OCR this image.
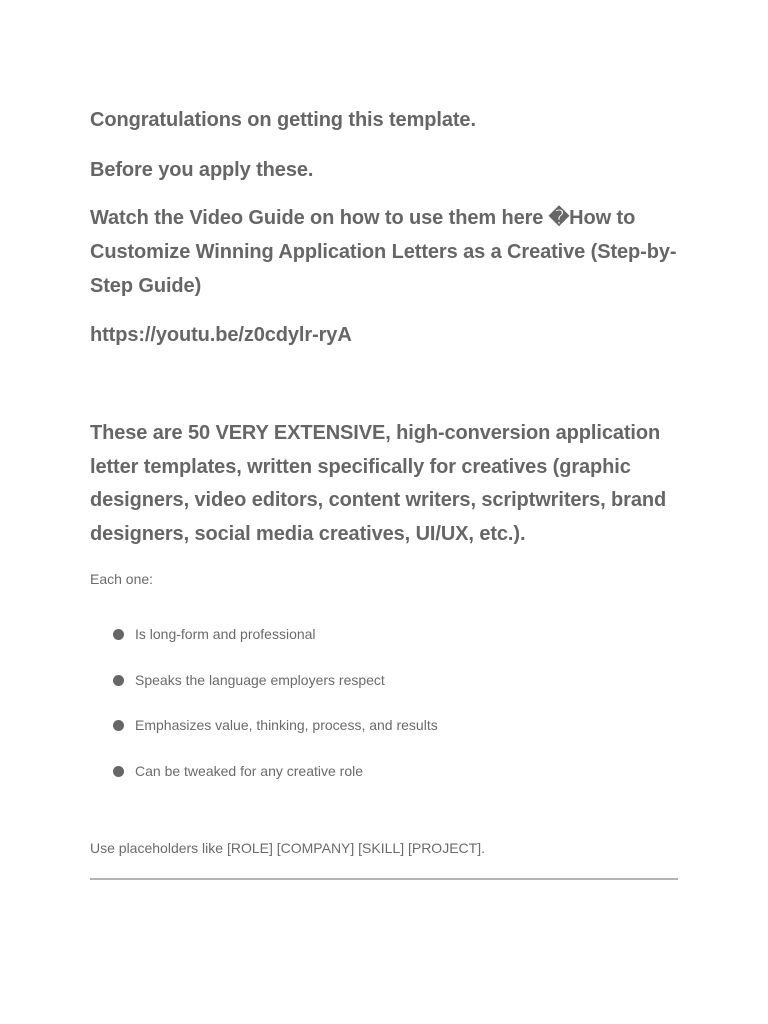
Congratulations on getting this template.

Before you apply these.

Watch the Video Guide on how to use them here �How to Customize Winning Application Letters as a Creative (Step-by-Step Guide)

https://youtu.be/z0cdylr-ryA

These are 50 VERY EXTENSIVE, high-conversion application letter templates, written specifically for creatives (graphic designers, video editors, content writers, scriptwriters, brand designers, social media creatives, UI/UX, etc.).

Each one:

Is long-form and professional
Speaks the language employers respect
Emphasizes value, thinking, process, and results
Can be tweaked for any creative role

Use placeholders like [ROLE] [COMPANY] [SKILL] [PROJECT].
